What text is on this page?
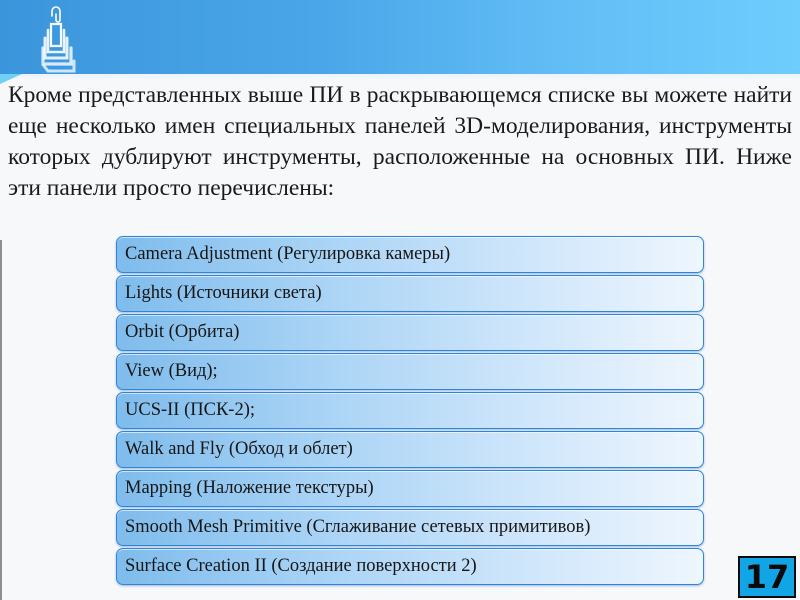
Кроме представленных выше ПИ в раскрывающемся списке вы можете найти еще несколько имен специальных панелей 3D-моделирования, инструменты которых дублируют инструменты, расположенные на основных ПИ. Ниже эти панели просто перечислены:
Camera Adjustment (Регулировка камеры)
Lights (Источники света)
Orbit (Орбита)
View (Вид);
UCS-II (ПСК-2);
Walk and Fly (Обход и облет)
Mapping (Наложение текстуры)
Smooth Mesh Primitive (Сглаживание сетевых примитивов)
Surface Creation II (Создание поверхности 2)	17
